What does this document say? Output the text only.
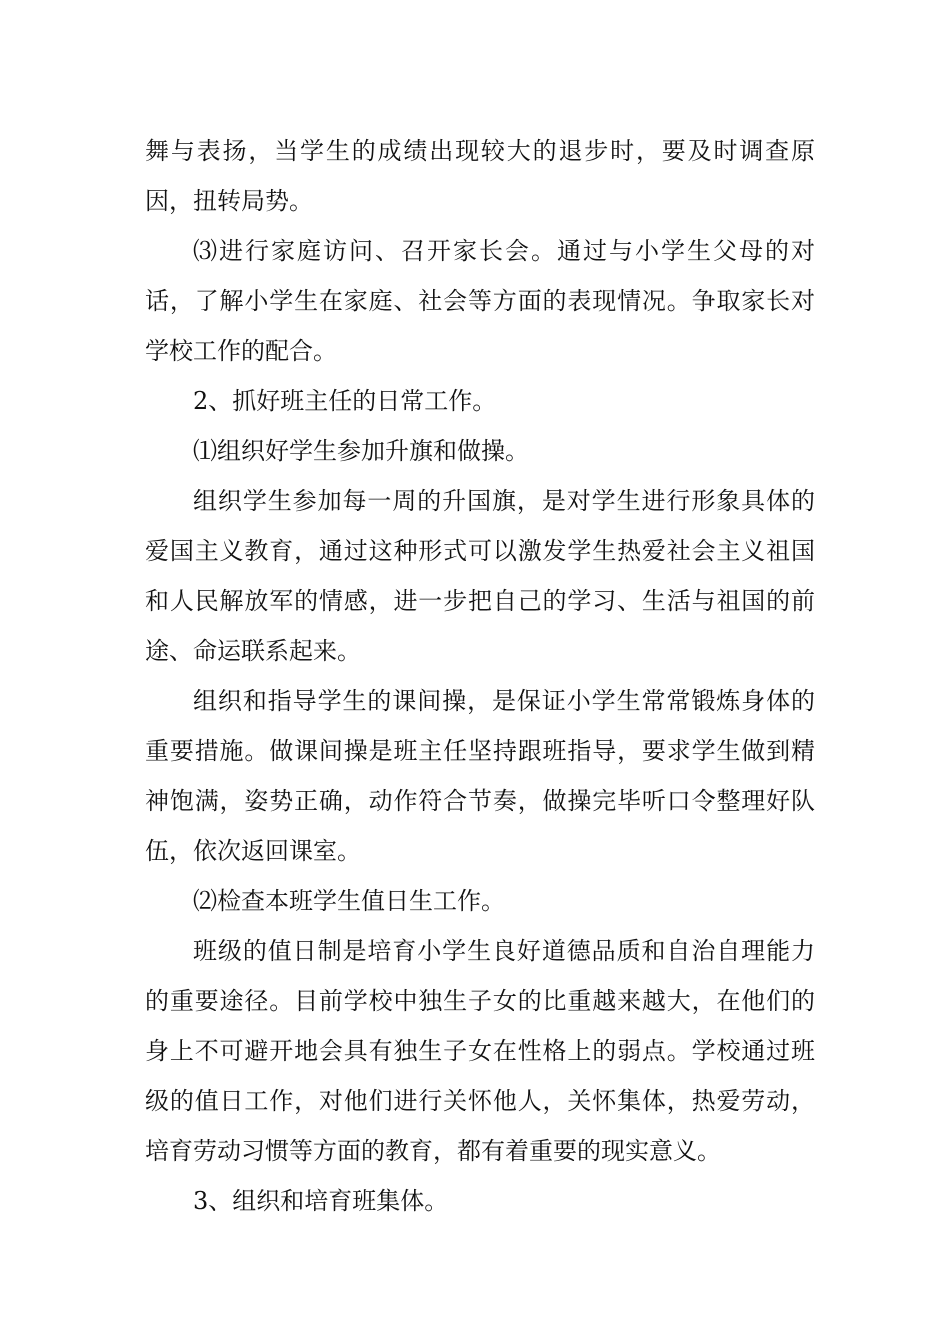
舞与表扬，当学生的成绩出现较大的退步时，要及时调查原因，扭转局势。

⑶进行家庭访问、召开家长会。通过与小学生父母的对话，了解小学生在家庭、社会等方面的表现情况。争取家长对学校工作的配合。

2、抓好班主任的日常工作。

⑴组织好学生参加升旗和做操。

组织学生参加每一周的升国旗，是对学生进行形象具体的爱国主义教育，通过这种形式可以激发学生热爱社会主义祖国和人民解放军的情感，进一步把自己的学习、生活与祖国的前途、命运联系起来。

组织和指导学生的课间操，是保证小学生常常锻炼身体的重要措施。做课间操是班主任坚持跟班指导，要求学生做到精神饱满，姿势正确，动作符合节奏，做操完毕听口令整理好队伍，依次返回课室。

⑵检查本班学生值日生工作。

班级的值日制是培育小学生良好道德品质和自治自理能力的重要途径。目前学校中独生子女的比重越来越大，在他们的身上不可避开地会具有独生子女在性格上的弱点。学校通过班级的值日工作，对他们进行关怀他人，关怀集体，热爱劳动，培育劳动习惯等方面的教育，都有着重要的现实意义。

3、组织和培育班集体。
